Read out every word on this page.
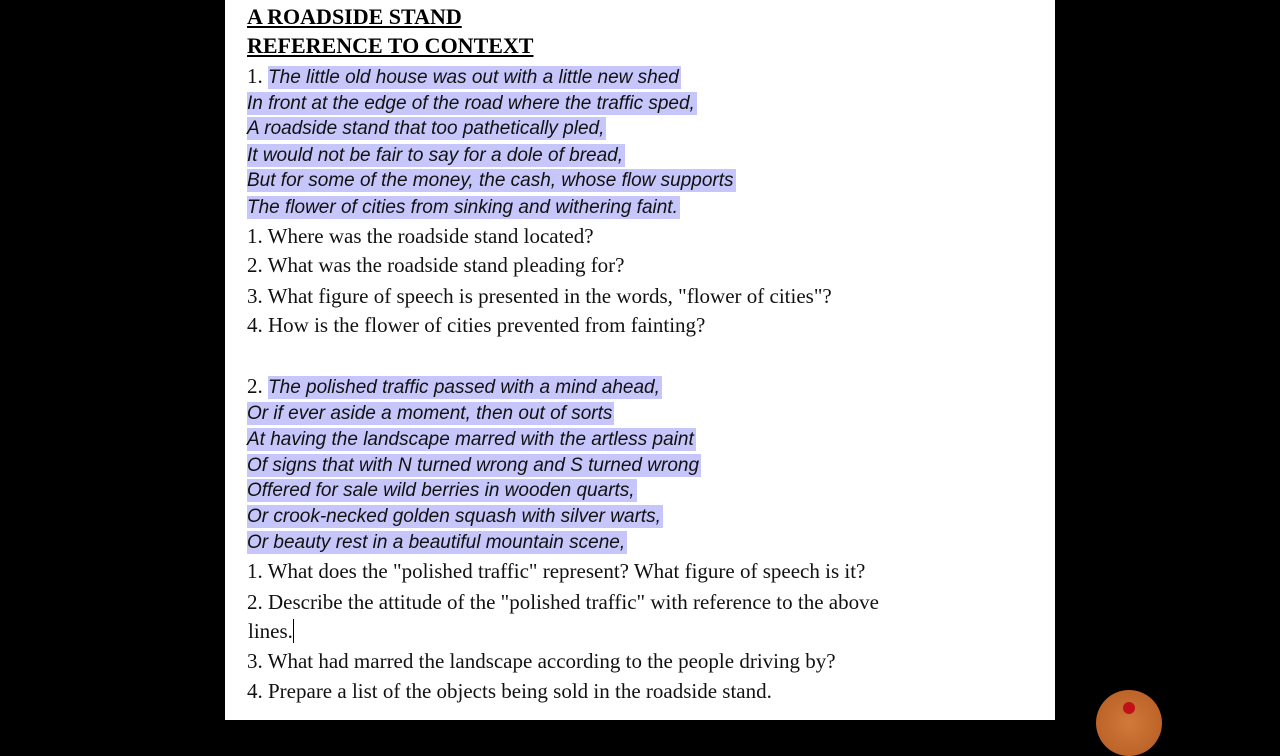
A ROADSIDE STAND
REFERENCE TO CONTEXT
1. The little old house was out with a little new shed
In front at the edge of the road where the traffic sped,
A roadside stand that too pathetically pled,
It would not be fair to say for a dole of bread,
But for some of the money, the cash, whose flow supports
The flower of cities from sinking and withering faint.
1. Where was the roadside stand located?
2. What was the roadside stand pleading for?
3. What figure of speech is presented in the words, "flower of cities"?
4. How is the flower of cities prevented from fainting?
2. The polished traffic passed with a mind ahead,
Or if ever aside a moment, then out of sorts
At having the landscape marred with the artless paint
Of signs that with N turned wrong and S turned wrong
Offered for sale wild berries in wooden quarts,
Or crook-necked golden squash with silver warts,
Or beauty rest in a beautiful mountain scene,
1. What does the "polished traffic" represent? What figure of speech is it?
2. Describe the attitude of the "polished traffic" with reference to the above
lines.
3. What had marred the landscape according to the people driving by?
4. Prepare a list of the objects being sold in the roadside stand.
